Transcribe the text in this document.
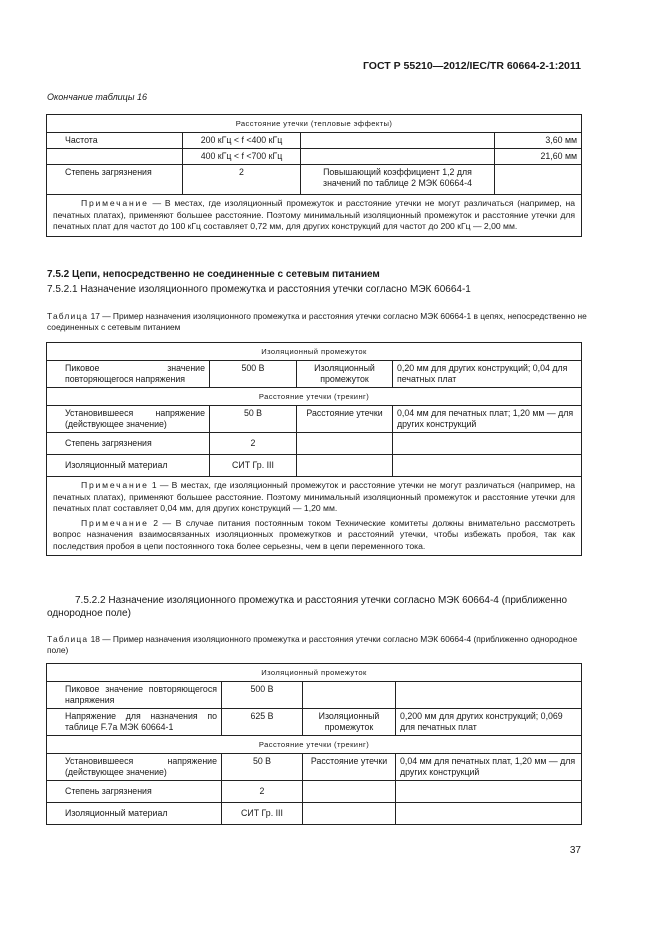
ГОСТ Р 55210—2012/IEC/TR 60664-2-1:2011
Окончание таблицы 16
Расстояние утечки (тепловые эффекты)			
Частота	200 кГц < f <400 кГц		3,60 мм
	400 кГц < f <700 кГц		21,60 мм
Степень загрязнения	2	Повышающий коэффициент 1,2 для значений по таблице 2 МЭК 60664-4	

Примечание — В местах, где изоляционный промежуток и расстояние утечки не могут различаться (например, на печатных платах), применяют большее расстояние. Поэтому минимальный изоляционный промежуток и расстояние утечки для печатных плат для частот до 100 кГц составляет 0,72 мм, для других конструкций для частот до 200 кГц — 2,00 мм.			

7.5.2 Цепи, непосредственно не соединенные с сетевым питанием
7.5.2.1 Назначение изоляционного промежутка и расстояния утечки согласно МЭК 60664-1
Таблица 17 — Пример назначения изоляционного промежутка и расстояния утечки согласно МЭК 60664-1 в цепях, непосредственно не соединенных с сетевым питанием
Изоляционный промежуток			
Пиковое значение повторяющегося напряжения	500 В	Изоляционный промежуток	0,20 мм для других конструкций; 0,04 для печатных плат
Расстояние утечки (трекинг)			
Установившееся напряжение (действующее значение)	50 В	Расстояние утечки	0,04 мм для печатных плат; 1,20 мм — для других конструкций
Степень загрязнения	2		
Изоляционный материал	СИТ Гр. III		

Примечание 1 — В местах, где изоляционный промежуток и расстояние утечки не могут различаться (например, на печатных платах), применяют большее расстояние. Поэтому минимальный изоляционный промежуток и расстояние утечки для печатных плат составляет 0,04 мм, для других конструкций — 1,20 мм.

Примечание 2 — В случае питания постоянным током Технические комитеты должны внимательно рассмотреть вопрос назначения взаимосвязанных изоляционных промежутков и расстояний утечки, чтобы избежать пробоя, так как последствия пробоя в цепи постоянного тока более серьезны, чем в цепи переменного тока.			

7.5.2.2 Назначение изоляционного промежутка и расстояния утечки согласно МЭК 60664-4 (приближенно однородное поле)
Таблица 18 — Пример назначения изоляционного промежутка и расстояния утечки согласно МЭК 60664-4 (приближенно однородное поле)
Изоляционный промежуток			
Пиковое значение повторяющегося напряжения	500 В		
Напряжение для назначения по таблице F.7a МЭК 60664-1	625 В	Изоляционный промежуток	0,200 мм для других конструкций; 0,069 для печатных плат
Расстояние утечки (трекинг)			
Установившееся напряжение (действующее значение)	50 В	Расстояние утечки	0,04 мм для печатных плат, 1,20 мм — для других конструкций
Степень загрязнения	2		
Изоляционный материал	СИТ Гр. III		
37
